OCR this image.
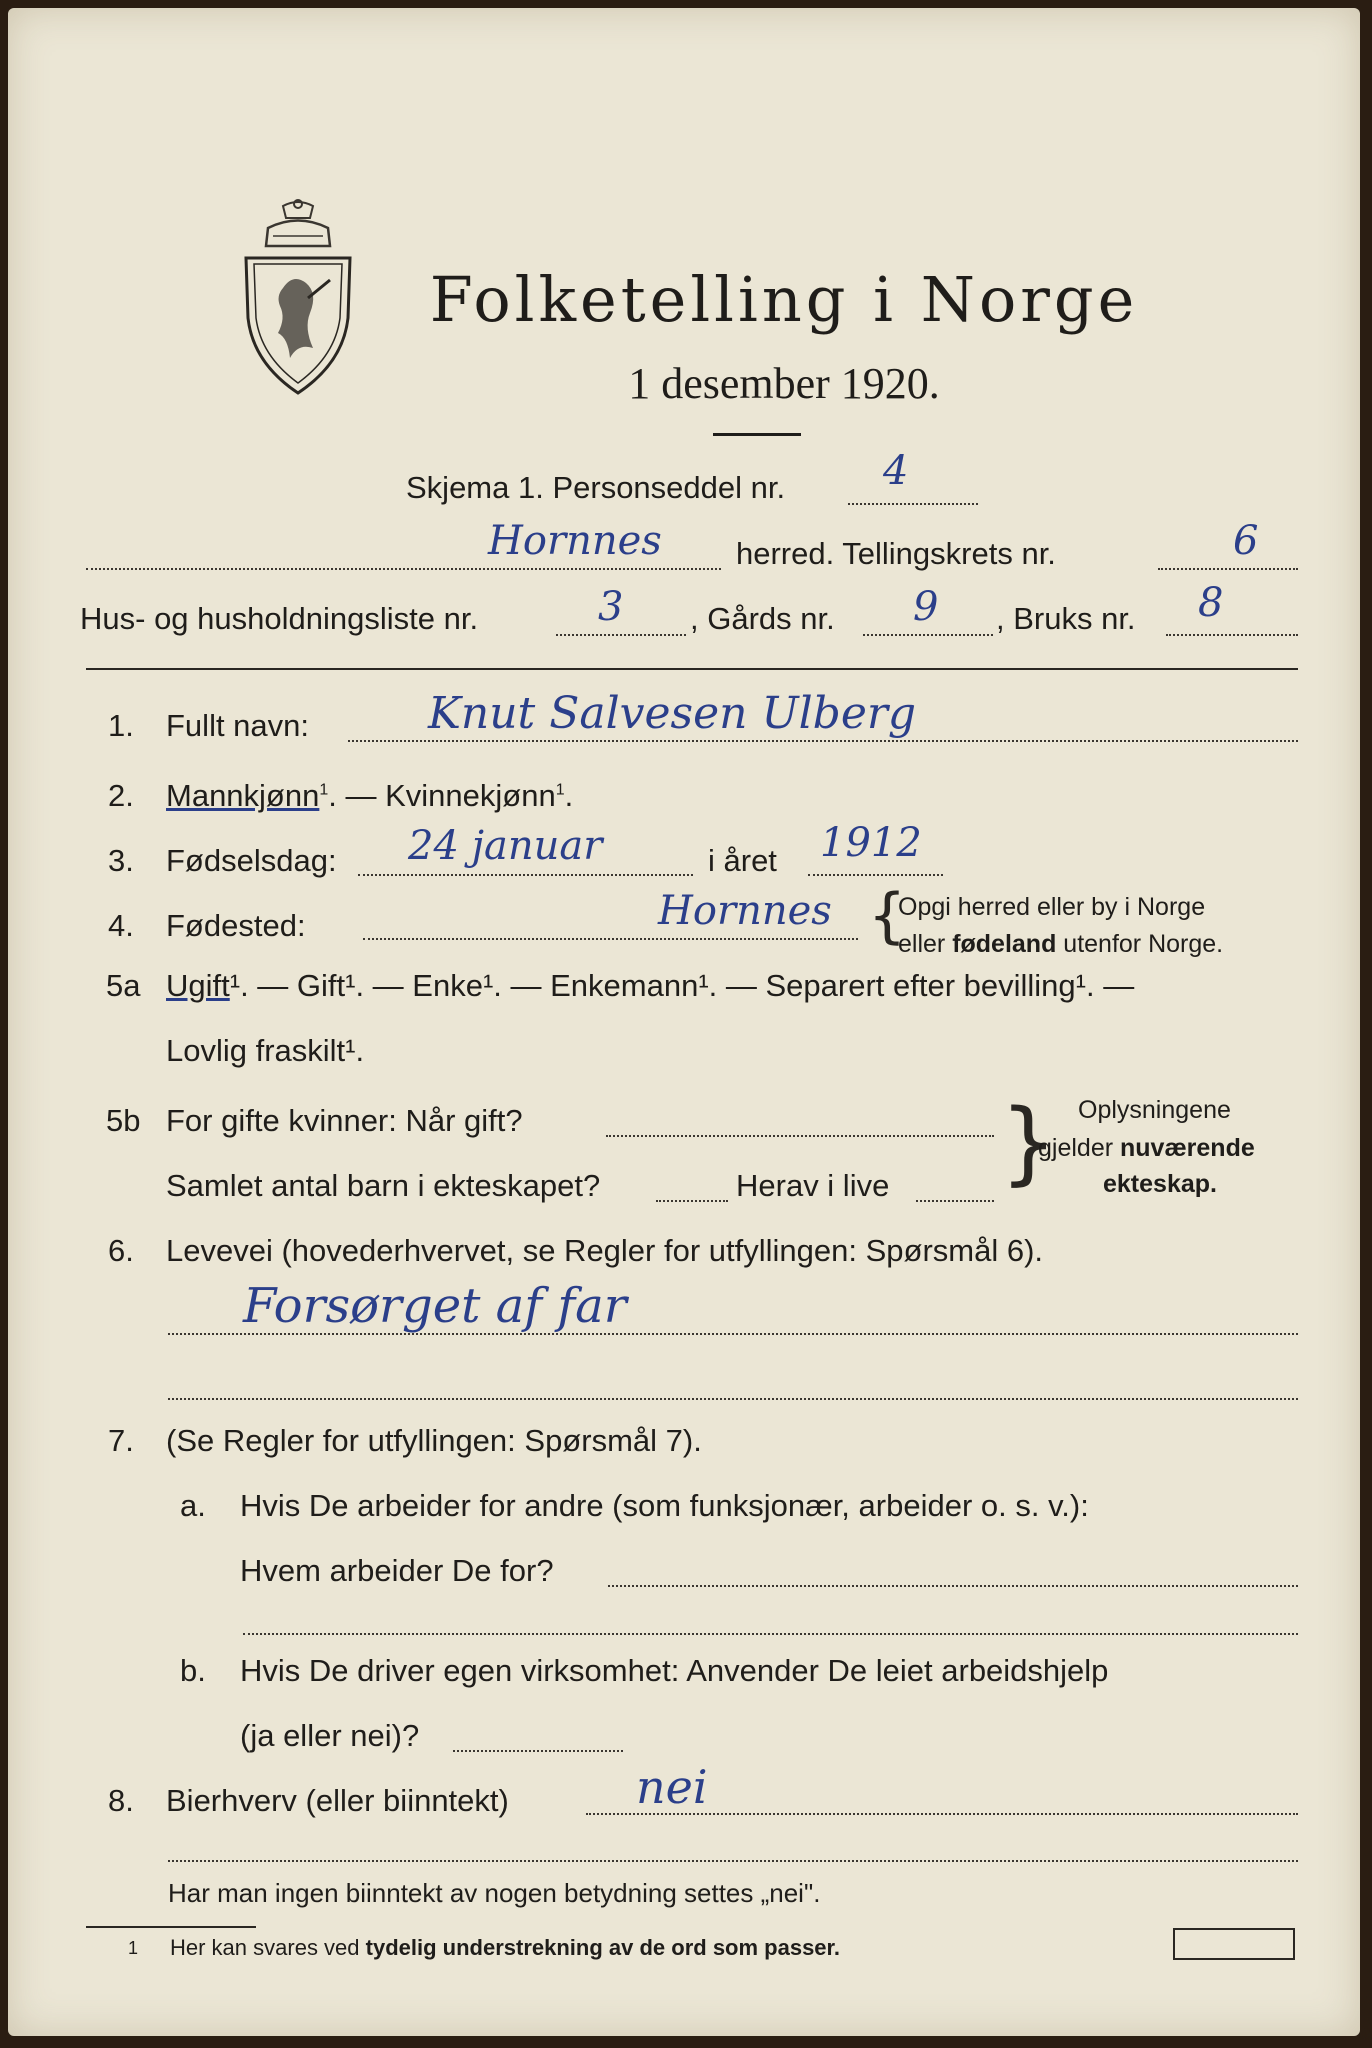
Folketelling i Norge
1 desember 1920.
Skjema 1. Personseddel nr. 4
Hornnes herred. Tellingskrets nr.	6
Hus- og husholdningsliste nr.	3 , Gårds nr. 9 , Bruks nr. 8
1. Fullt navn:	Knut Salvesen Ulberg
2. Mannkjønn$^1$. — Kvinnekjønn$^1$.
3. Fødselsdag: 24 januar	i året 1912
4. Fødested:	Hornnes {
Opgi herred eller by i Norge
eller fødeland utenfor Norge.
5a Ugift¹. — Gift¹. — Enke¹. — Enkemann¹. — Separert efter bevilling¹. —
Lovlig fraskilt¹.
5b For gifte kvinner: Når gift?
Samlet antal barn i ekteskapet?	Herav i live } Oplysningene
gjelder nuværende
ekteskap.
6. Levevei (hovederhvervet, se Regler for utfyllingen: Spørsmål 6).
Forsørget af far
7. (Se Regler for utfyllingen: Spørsmål 7).
a. Hvis De arbeider for andre (som funksjonær, arbeider o. s. v.):
Hvem arbeider De for?
b. Hvis De driver egen virksomhet: Anvender De leiet arbeidshjelp
(ja eller nei)?
8. Bierhverv (eller biinntekt)	nei
Har man ingen biinntekt av nogen betydning settes „nei".
1 Her kan svares ved tydelig understrekning av de ord som passer.
